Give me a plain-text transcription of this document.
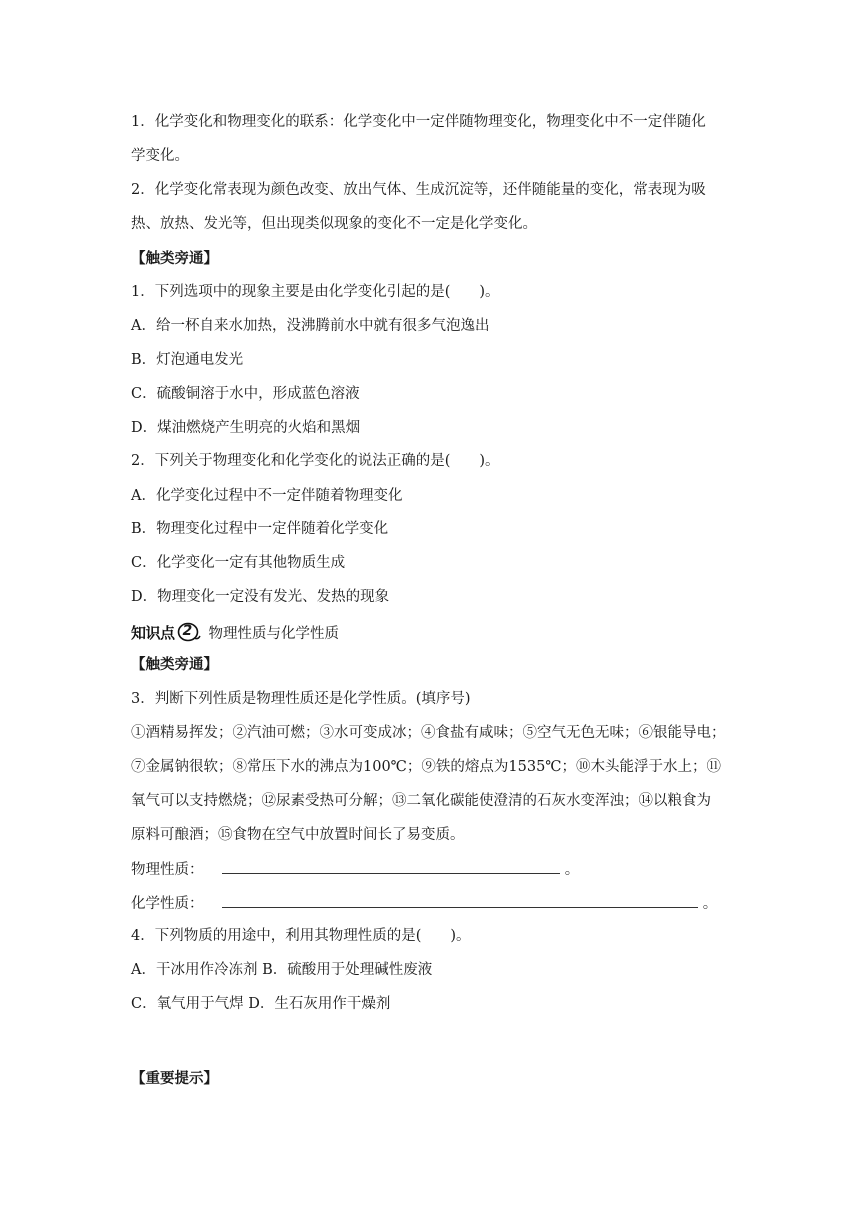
1．化学变化和物理变化的联系：化学变化中一定伴随物理变化，物理变化中不一定伴随化
学变化。
2．化学变化常表现为颜色改变、放出气体、生成沉淀等，还伴随能量的变化，常表现为吸
热、放热、发光等，但出现类似现象的变化不一定是化学变化。
【触类旁通】
1．下列选项中的现象主要是由化学变化引起的是(　　)。
A．给一杯自来水加热，没沸腾前水中就有很多气泡逸出
B．灯泡通电发光
C．硫酸铜溶于水中，形成蓝色溶液
D．煤油燃烧产生明亮的火焰和黑烟
2．下列关于物理变化和化学变化的说法正确的是(　　)。
A．化学变化过程中不一定伴随着物理变化
B．物理变化过程中一定伴随着化学变化
C．化学变化一定有其他物质生成
D．物理变化一定没有发光、发热的现象
知识点 2 物理性质与化学性质
【触类旁通】
3．判断下列性质是物理性质还是化学性质。(填序号)
①酒精易挥发；②汽油可燃；③水可变成冰；④食盐有咸味；⑤空气无色无味；⑥银能导电；
⑦金属钠很软；⑧常压下水的沸点为100℃；⑨铁的熔点为1535℃；⑩木头能浮于水上；⑪
氧气可以支持燃烧；⑫尿素受热可分解；⑬二氧化碳能使澄清的石灰水变浑浊；⑭以粮食为
原料可酿酒；⑮食物在空气中放置时间长了易变质。
物理性质：	。
化学性质：	。
4．下列物质的用途中，利用其物理性质的是(　　)。
A．干冰用作冷冻剂 B．硫酸用于处理碱性废液
C．氧气用于气焊 D．生石灰用作干燥剂
【重要提示】
